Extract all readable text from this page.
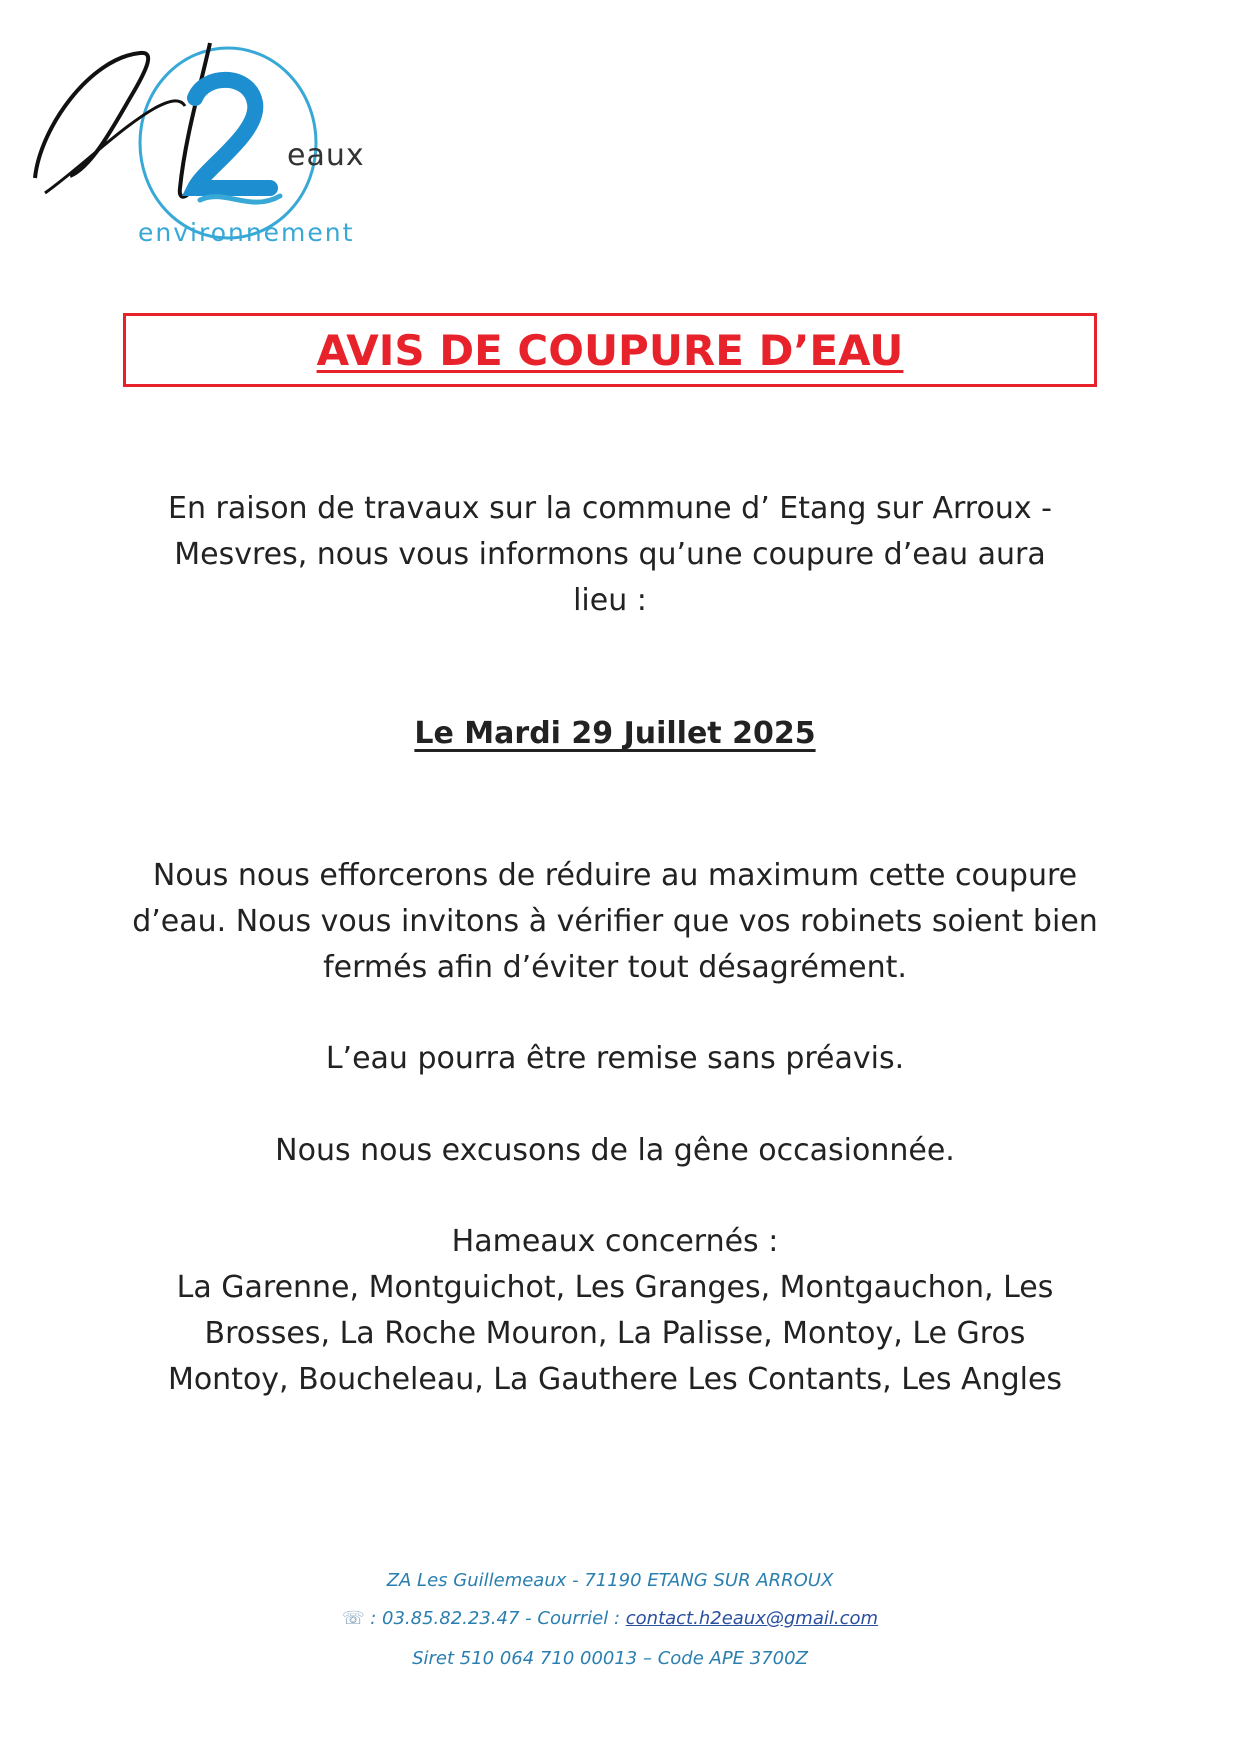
eaux
environnement
AVIS DE COUPURE D’EAU
En raison de travaux sur la commune d’ Etang sur Arroux - Mesvres, nous vous informons qu’une coupure d’eau aura lieu :
Le Mardi 29 Juillet 2025
Nous nous efforcerons de réduire au maximum cette coupure d’eau. Nous vous invitons à vérifier que vos robinets soient bien fermés afin d’éviter tout désagrément.
L’eau pourra être remise sans préavis.
Nous nous excusons de la gêne occasionnée.
Hameaux concernés :
La Garenne, Montguichot, Les Granges, Montgauchon, Les Brosses, La Roche Mouron, La Palisse, Montoy, Le Gros Montoy, Boucheleau, La Gauthere Les Contants, Les Angles
ZA Les Guillemeaux - 71190 ETANG SUR ARROUX
☏ : 03.85.82.23.47 - Courriel : contact.h2eaux@gmail.com
Siret 510 064 710 00013 – Code APE 3700Z
